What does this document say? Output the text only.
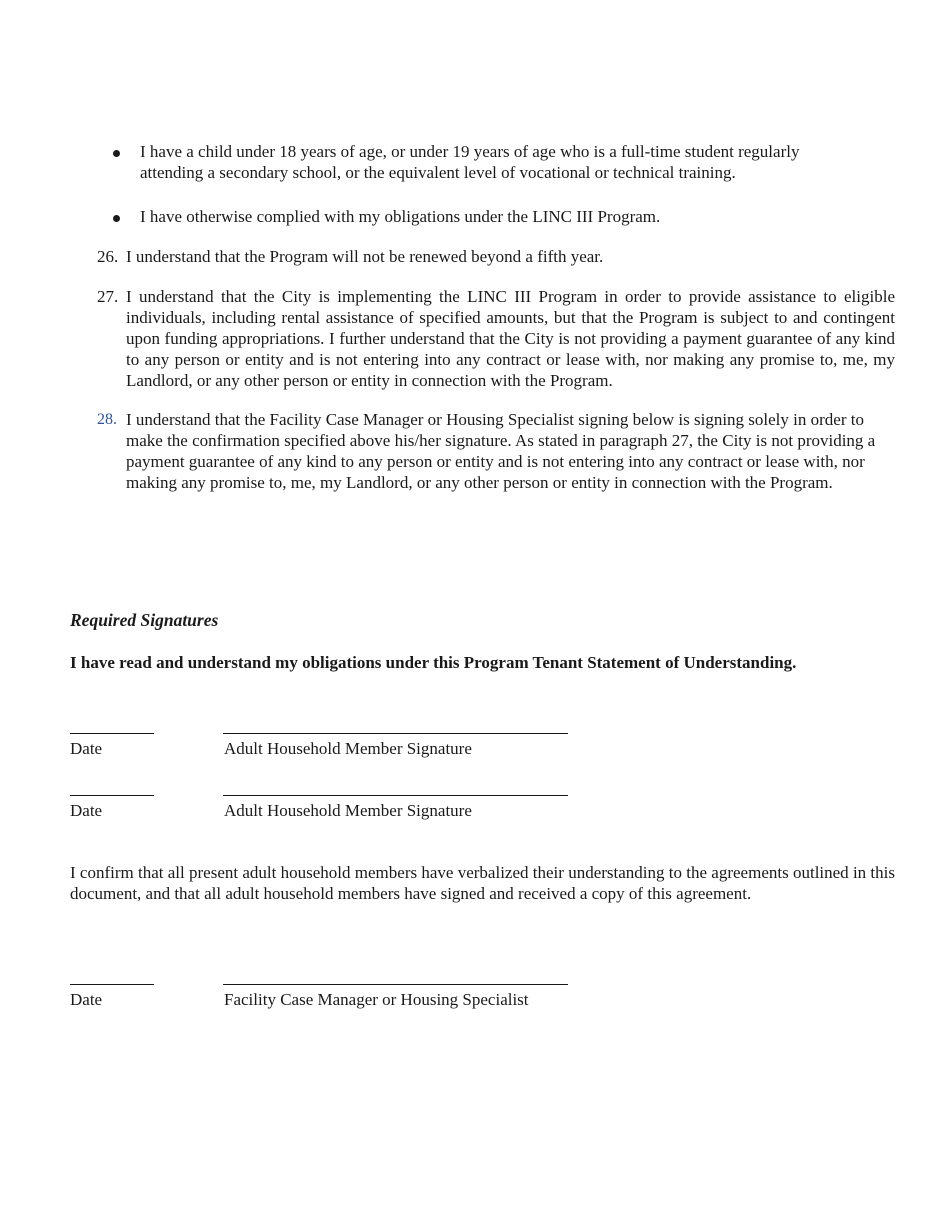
I have a child under 18 years of age, or under 19 years of age who is a full-time student regularly attending a secondary school, or the equivalent level of vocational or technical training.
I have otherwise complied with my obligations under the LINC III Program.
26. I understand that the Program will not be renewed beyond a fifth year.
27. I understand that the City is implementing the LINC III Program in order to provide assistance to eligible individuals, including rental assistance of specified amounts, but that the Program is subject to and contingent upon funding appropriations. I further understand that the City is not providing a payment guarantee of any kind to any person or entity and is not entering into any contract or lease with, nor making any promise to, me, my Landlord, or any other person or entity in connection with the Program.
28. I understand that the Facility Case Manager or Housing Specialist signing below is signing solely in order to make the confirmation specified above his/her signature. As stated in paragraph 27, the City is not providing a payment guarantee of any kind to any person or entity and is not entering into any contract or lease with, nor making any promise to, me, my Landlord, or any other person or entity in connection with the Program.
Required Signatures
I have read and understand my obligations under this Program Tenant Statement of Understanding.
Date	Adult Household Member Signature
Date	Adult Household Member Signature
I confirm that all present adult household members have verbalized their understanding to the agreements outlined in this document, and that all adult household members have signed and received a copy of this agreement.
Date	Facility Case Manager or Housing Specialist
